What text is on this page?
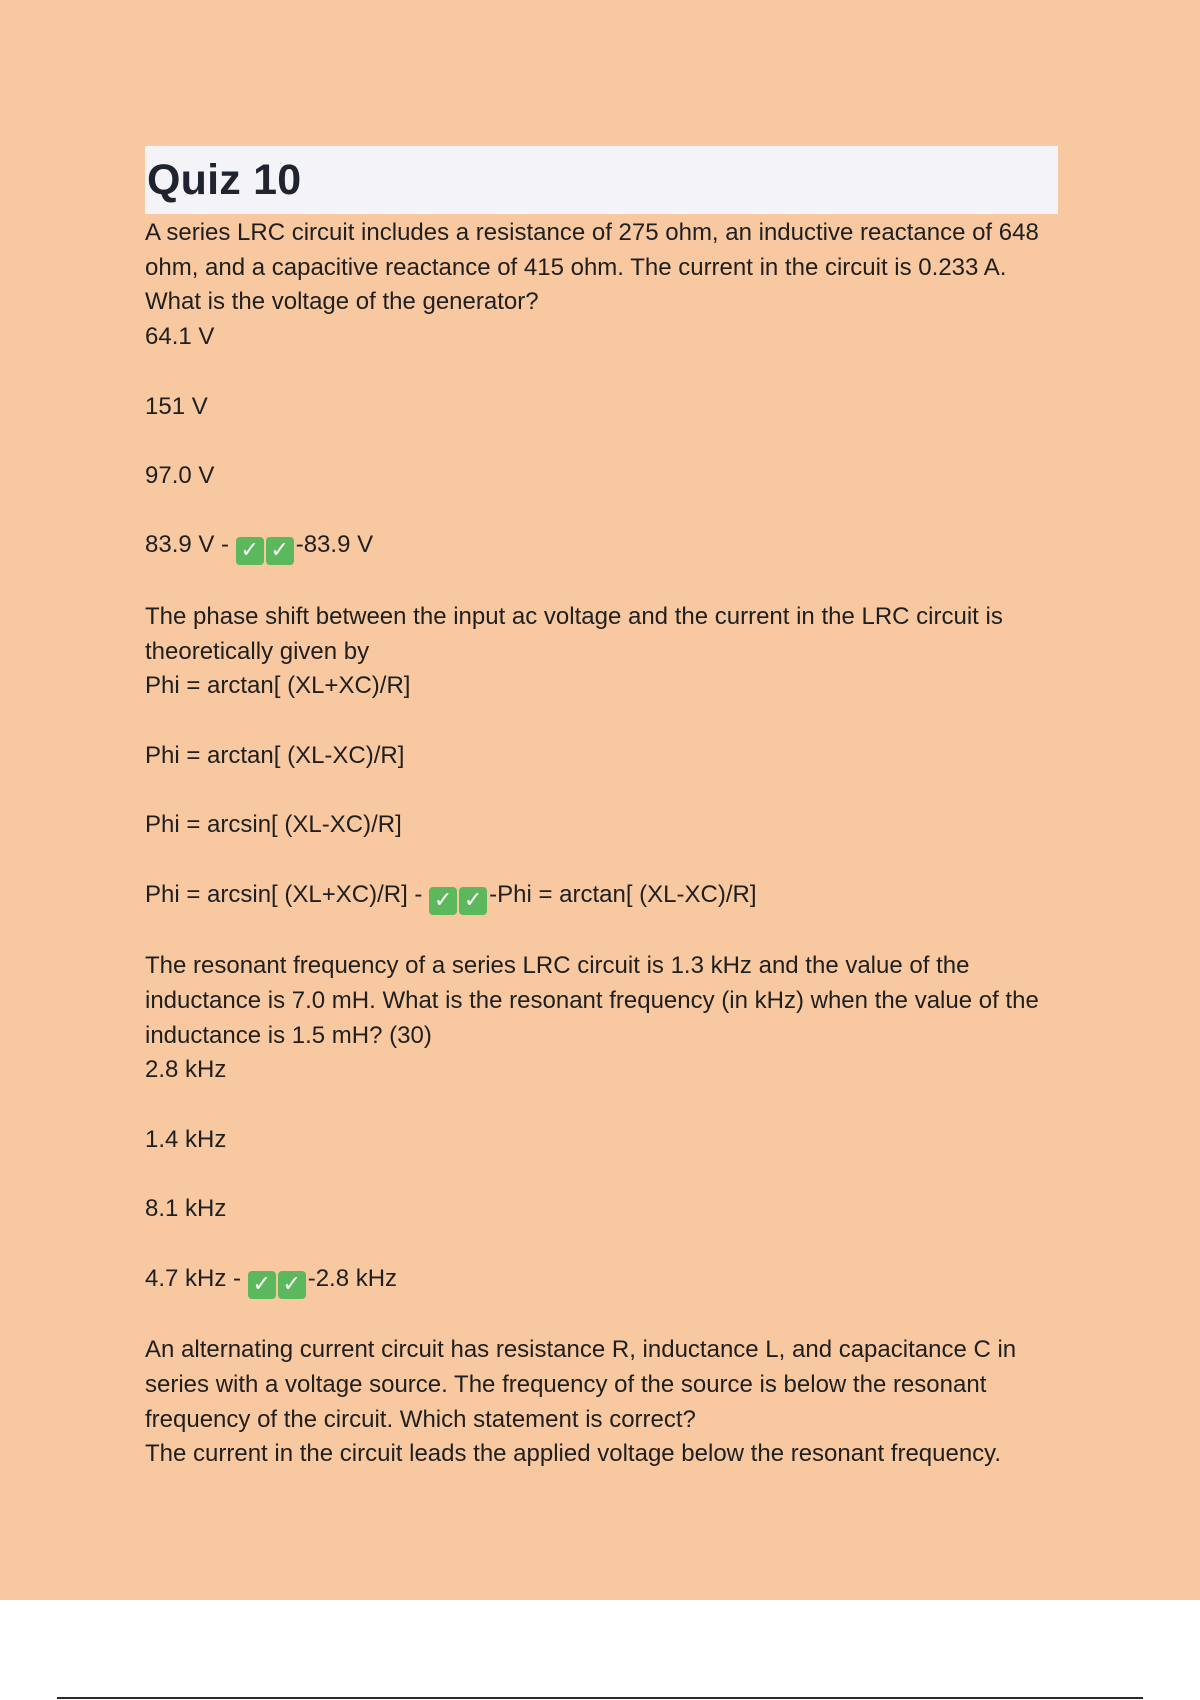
Quiz 10

A series LRC circuit includes a resistance of 275 ohm, an inductive reactance of 648 ohm, and a capacitive reactance of 415 ohm. The current in the circuit is 0.233 A. What is the voltage of the generator?

64.1 V

151 V

97.0 V

83.9 V - ✓ ✓ -83.9 V

The phase shift between the input ac voltage and the current in the LRC circuit is theoretically given by

Phi = arctan[ (XL+XC)/R]

Phi = arctan[ (XL-XC)/R]

Phi = arcsin[ (XL-XC)/R]

Phi = arcsin[ (XL+XC)/R] - ✓ ✓ -Phi = arctan[ (XL-XC)/R]

The resonant frequency of a series LRC circuit is 1.3 kHz and the value of the inductance is 7.0 mH. What is the resonant frequency (in kHz) when the value of the inductance is 1.5 mH? (30)

2.8 kHz

1.4 kHz

8.1 kHz

4.7 kHz - ✓ ✓ -2.8 kHz

An alternating current circuit has resistance R, inductance L, and capacitance C in series with a voltage source. The frequency of the source is below the resonant frequency of the circuit. Which statement is correct?

The current in the circuit leads the applied voltage below the resonant frequency.
